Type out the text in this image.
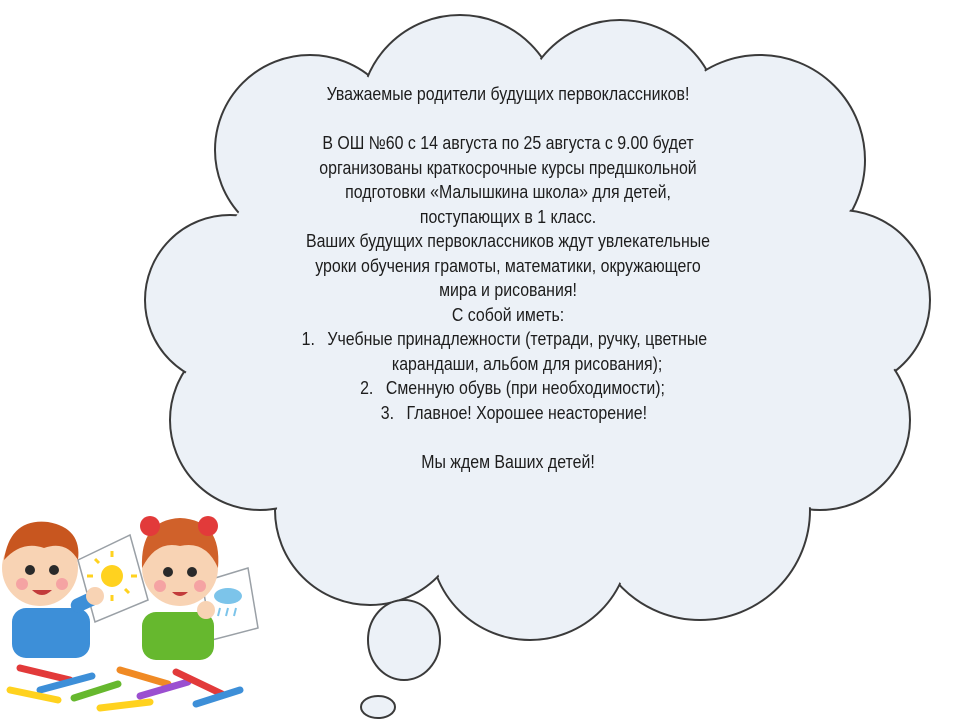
Уважаемые родители будущих первоклассников!
В ОШ №60 с 14 августа по 25 августа с 9.00 будет
организованы краткосрочные курсы предшкольной
подготовки «Малышкина школа» для детей,
поступающих в 1 класс.
Ваших будущих первоклассников ждут увлекательные
уроки обучения грамоты, математики, окружающего
мира и рисования!
С собой иметь:
1. Учебные принадлежности (тетради, ручку, цветные
карандаши, альбом для рисования);
2. Сменную обувь (при необходимости);
3. Главное! Хорошее неасторение!
Мы ждем Ваших детей!
